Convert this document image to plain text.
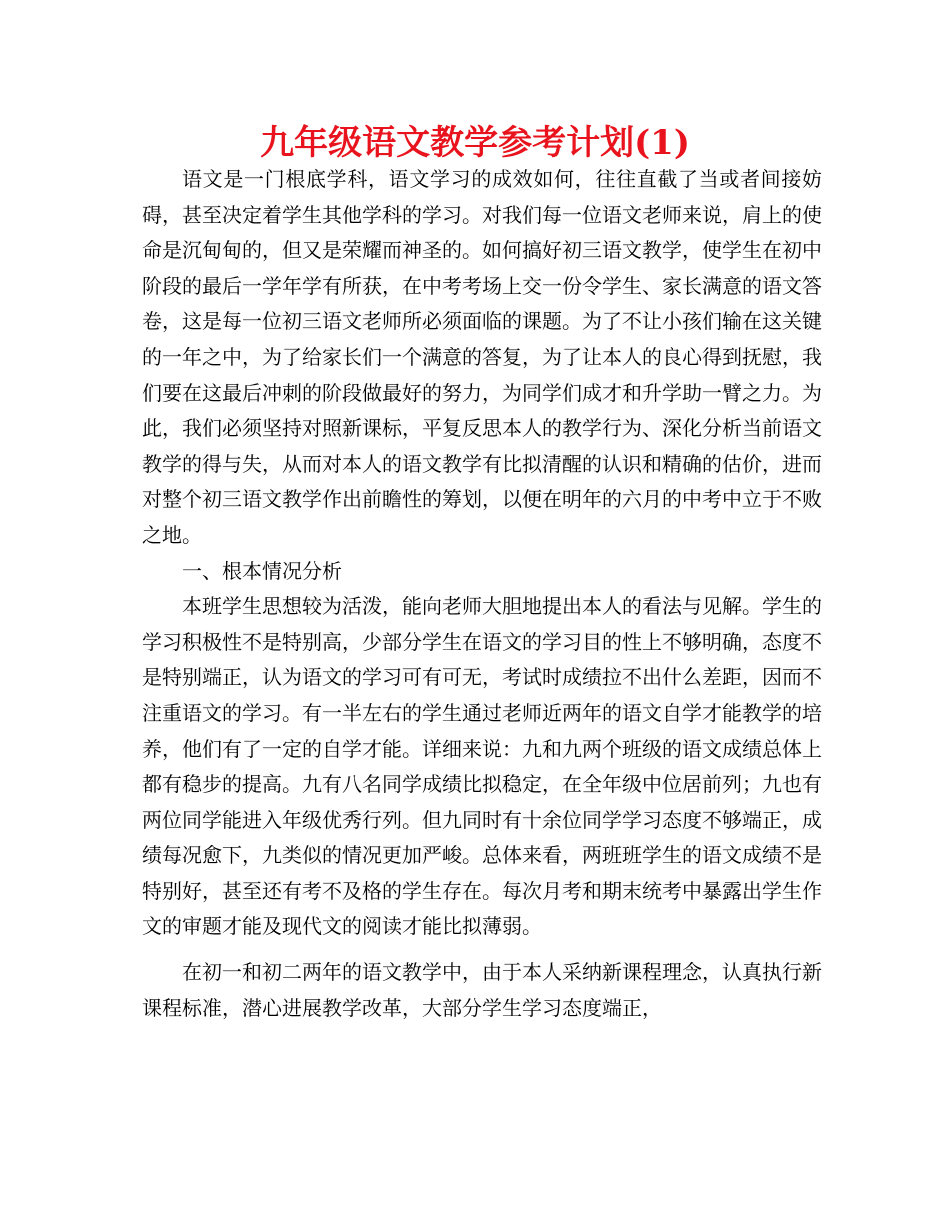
九年级语文教学参考计划(1)

语文是一门根底学科，语文学习的成效如何，往往直截了当或者间接妨碍，甚至决定着学生其他学科的学习。对我们每一位语文老师来说，肩上的使命是沉甸甸的，但又是荣耀而神圣的。如何搞好初三语文教学，使学生在初中阶段的最后一学年学有所获，在中考考场上交一份令学生、家长满意的语文答卷，这是每一位初三语文老师所必须面临的课题。为了不让小孩们输在这关键的一年之中，为了给家长们一个满意的答复，为了让本人的良心得到抚慰，我们要在这最后冲刺的阶段做最好的努力，为同学们成才和升学助一臂之力。为此，我们必须坚持对照新课标，平复反思本人的教学行为、深化分析当前语文教学的得与失，从而对本人的语文教学有比拟清醒的认识和精确的估价，进而对整个初三语文教学作出前瞻性的筹划，以便在明年的六月的中考中立于不败之地。

一、根本情况分析

本班学生思想较为活泼，能向老师大胆地提出本人的看法与见解。学生的学习积极性不是特别高，少部分学生在语文的学习目的性上不够明确，态度不是特别端正，认为语文的学习可有可无，考试时成绩拉不出什么差距，因而不注重语文的学习。有一半左右的学生通过老师近两年的语文自学才能教学的培养，他们有了一定的自学才能。详细来说：九和九两个班级的语文成绩总体上都有稳步的提高。九有八名同学成绩比拟稳定，在全年级中位居前列；九也有两位同学能进入年级优秀行列。但九同时有十余位同学学习态度不够端正，成绩每况愈下，九类似的情况更加严峻。总体来看，两班班学生的语文成绩不是特别好，甚至还有考不及格的学生存在。每次月考和期末统考中暴露出学生作文的审题才能及现代文的阅读才能比拟薄弱。

在初一和初二两年的语文教学中，由于本人采纳新课程理念，认真执行新课程标准，潜心进展教学改革，大部分学生学习态度端正，
